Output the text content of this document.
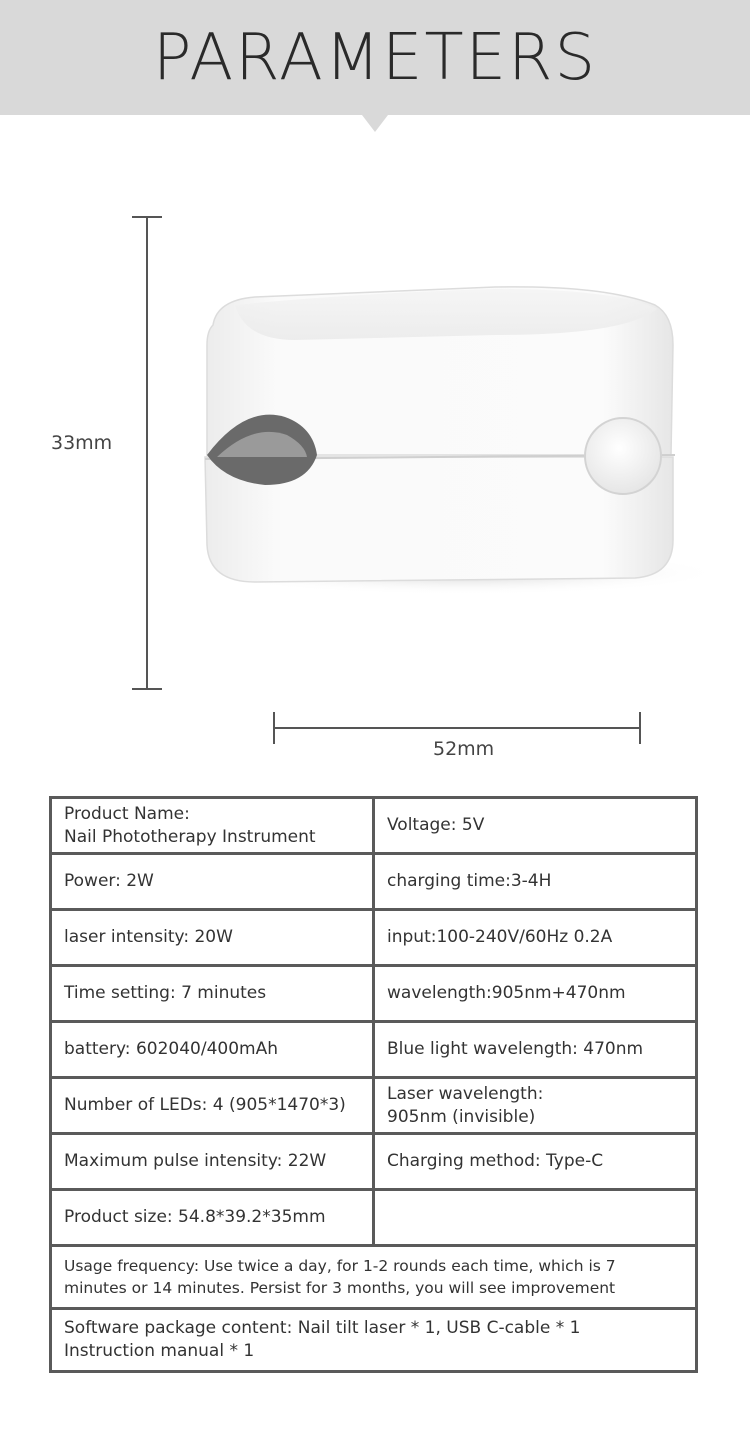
PARAMETERS
33mm
52mm
Product Name:
Nail Phototherapy Instrument	Voltage: 5V

Power: 2W	charging time:3-4H

laser intensity: 20W	input:100-240V/60Hz 0.2A

Time setting: 7 minutes	wavelength:905nm+470nm

battery: 602040/400mAh	Blue light wavelength: 470nm

Number of LEDs: 4 (905*1470*3)	Laser wavelength:
905nm (invisible)

Maximum pulse intensity: 22W	Charging method: Type-C

Product size: 54.8*39.2*35mm	

Usage frequency: Use twice a day, for 1-2 rounds each time, which is 7
minutes or 14 minutes. Persist for 3 months, you will see improvement	

Software package content: Nail tilt laser * 1, USB C-cable * 1
Instruction manual * 1	
